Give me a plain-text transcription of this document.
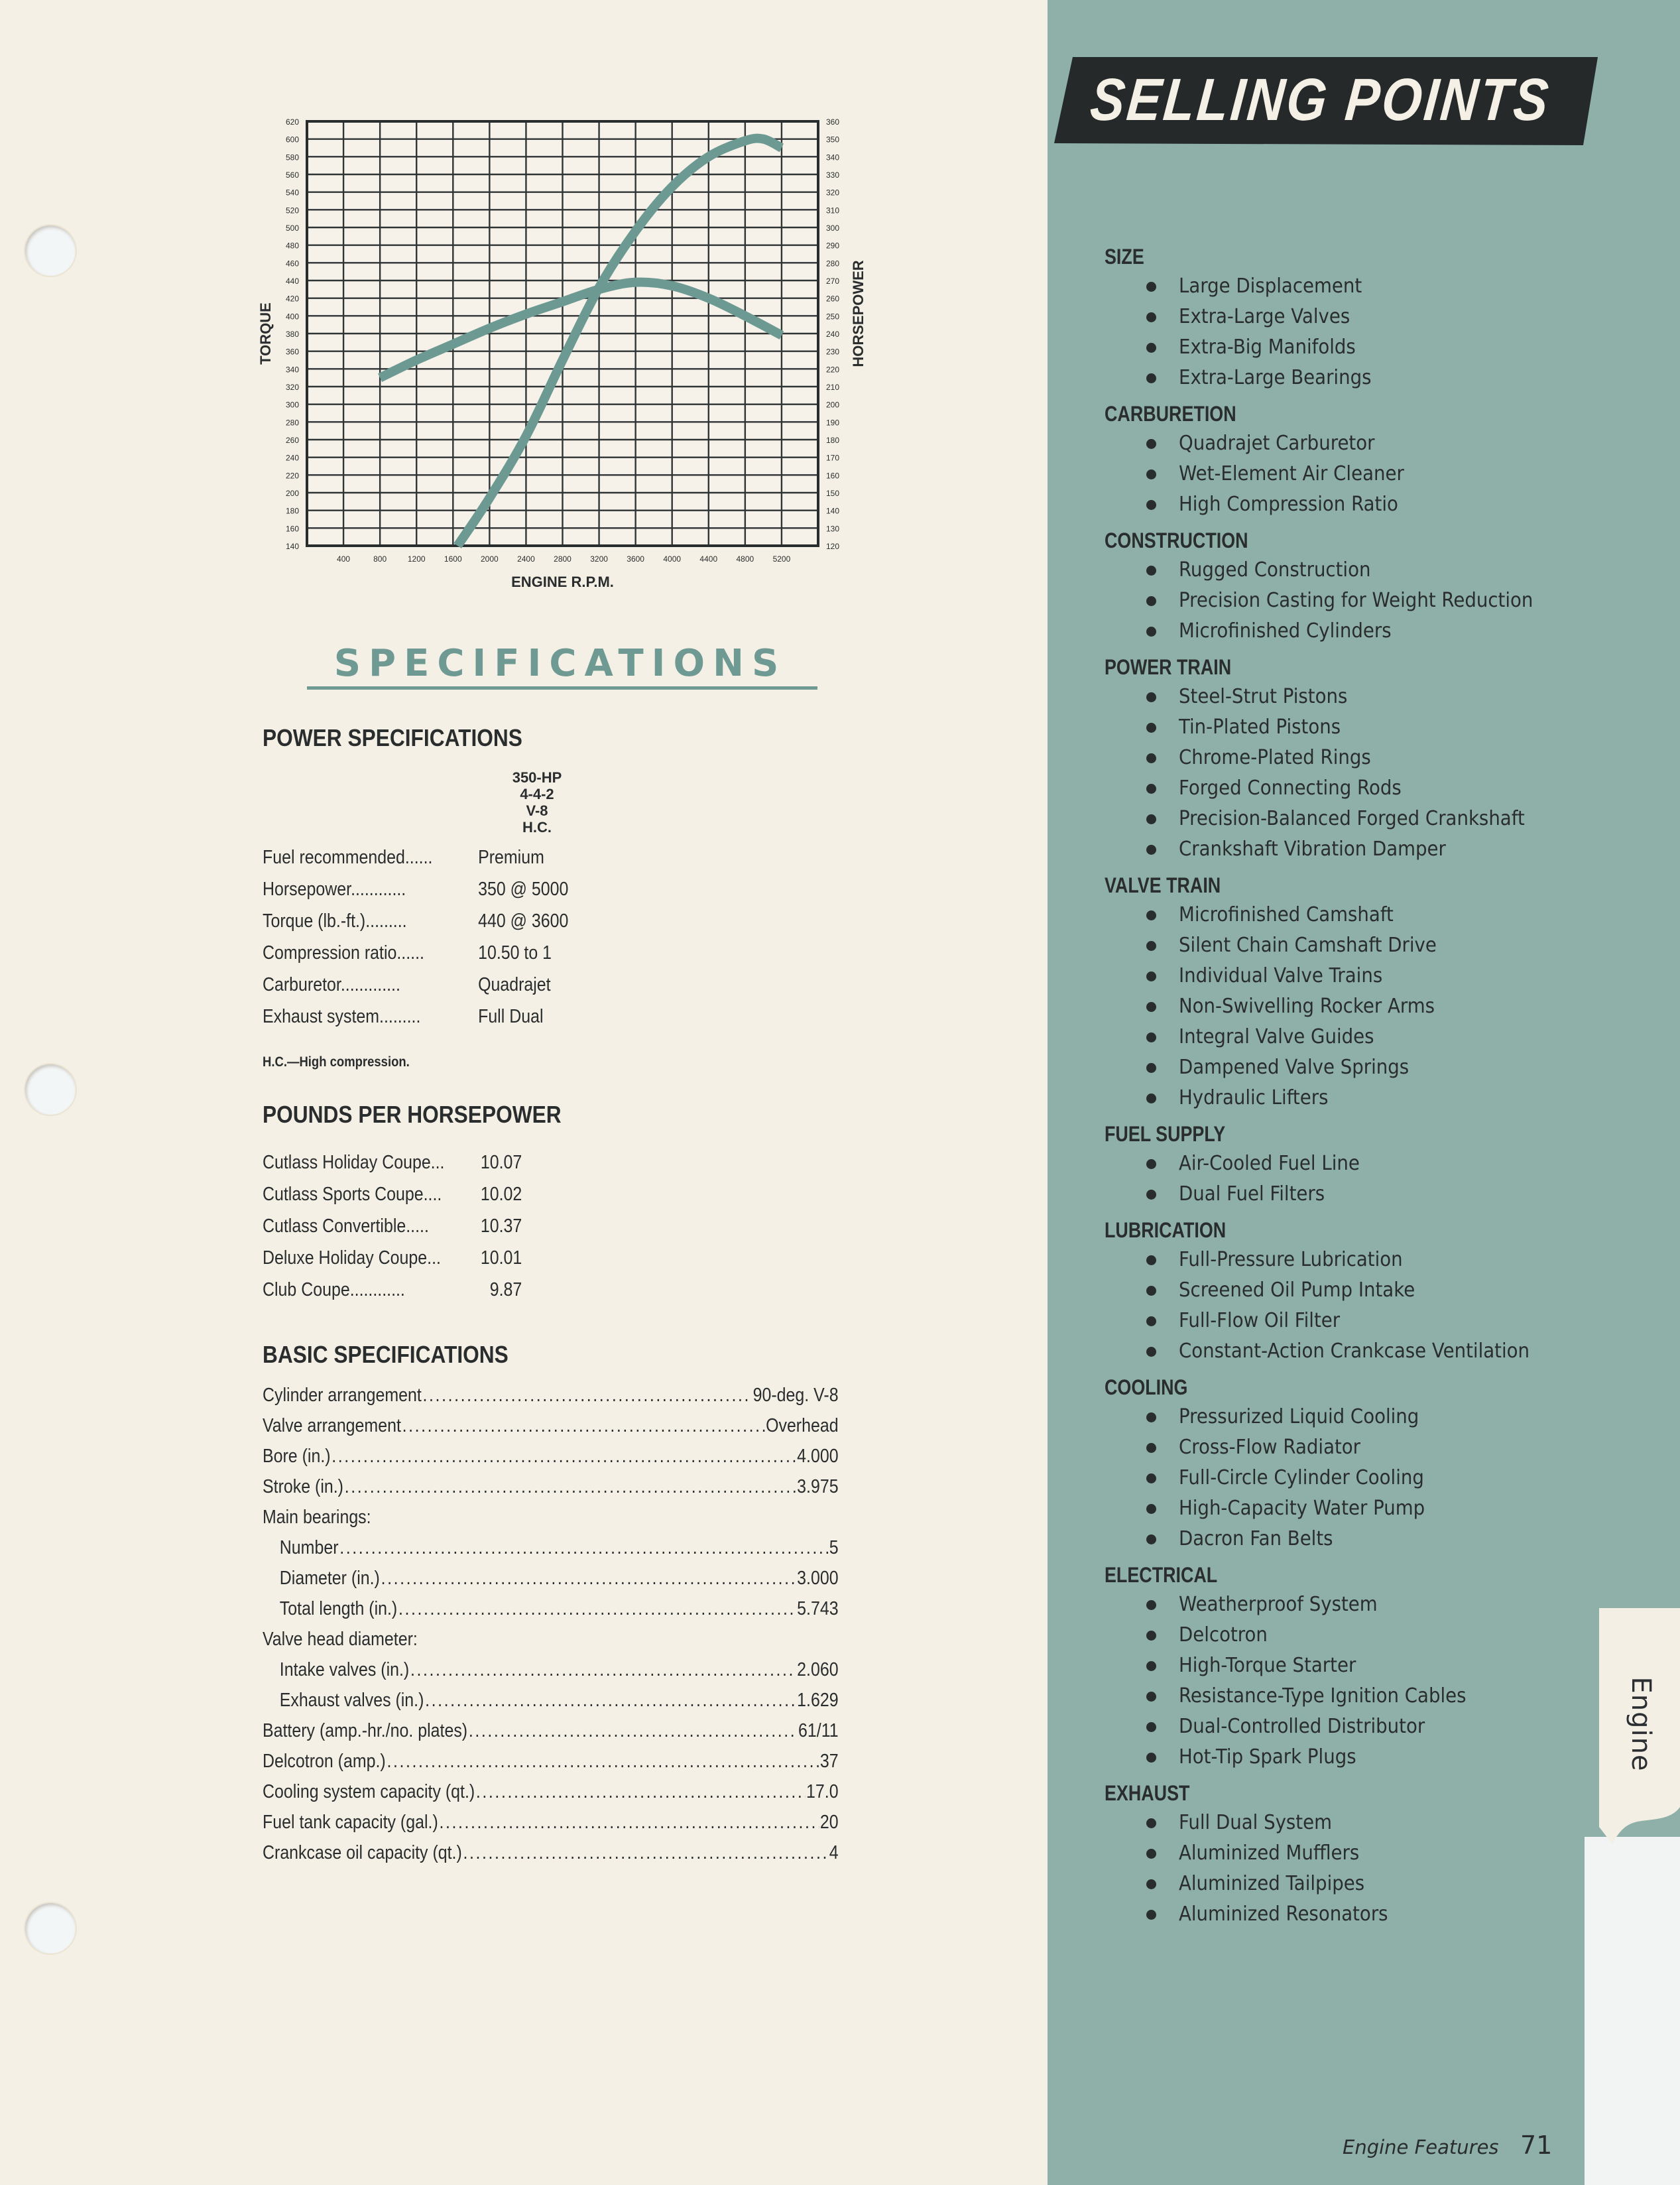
Engine
620
600
580
560
540
520
500
480
460
440
420
400
380
360
340
320
300
280
260
240
220
200
180
160
140
360
350
340
330
320
310
300
290
280
270
260
250
240
230
220
210
200
190
180
170
160
150
140
130
120
400	800	1200 1600 2000 2400 2800 3200 3600 4000 4400 4800 5200
ENGINE R.P.M.
TORQUE	HORSEPOWER
SPECIFICATIONS
POWER SPECIFICATIONS
350-HP
4-4-2
V-8
H.C.
Fuel recommended...... Premium
Horsepower............	350 @ 5000
Torque (lb.-ft.).........	440 @ 3600
Compression ratio......	10.50 to 1
Carburetor.............	Quadrajet
Exhaust system.........	Full Dual
H.C.—High compression.
POUNDS PER HORSEPOWER
Cutlass Holiday Coupe...	10.07
Cutlass Sports Coupe....	10.02
Cutlass Convertible.....	10.37
Deluxe Holiday Coupe...	10.01
Club Coupe............	9.87
BASIC SPECIFICATIONS
Cylinder arrangement .....	90-deg. V-8
Valve arrangement .....	Overhead
Bore (in.) .....	4.000
Stroke (in.) .....	3.975
Main bearings:
Number .....	5
Diameter (in.) .....	3.000
Total length (in.) .....	5.743
Valve head diameter:
Intake valves (in.) .....	2.060
Exhaust valves (in.) .....	1.629
Battery (amp.-hr./no. plates) .....	61/11
Delcotron (amp.) .....	37
Cooling system capacity (qt.) .....	17.0
Fuel tank capacity (gal.) .....	20
Crankcase oil capacity (qt.) .....	4
SELLING POINTS
SIZE
Large Displacement
Extra-Large Valves
Extra-Big Manifolds
Extra-Large Bearings
CARBURETION
Quadrajet Carburetor
Wet-Element Air Cleaner
High Compression Ratio
CONSTRUCTION
Rugged Construction
Precision Casting for Weight Reduction
Microfinished Cylinders
POWER TRAIN
Steel-Strut Pistons
Tin-Plated Pistons
Chrome-Plated Rings
Forged Connecting Rods
Precision-Balanced Forged Crankshaft
Crankshaft Vibration Damper
VALVE TRAIN
Microfinished Camshaft
Silent Chain Camshaft Drive
Individual Valve Trains
Non-Swivelling Rocker Arms
Integral Valve Guides
Dampened Valve Springs
Hydraulic Lifters
FUEL SUPPLY
Air-Cooled Fuel Line
Dual Fuel Filters
LUBRICATION
Full-Pressure Lubrication
Screened Oil Pump Intake
Full-Flow Oil Filter
Constant-Action Crankcase Ventilation
COOLING
Pressurized Liquid Cooling
Cross-Flow Radiator
Full-Circle Cylinder Cooling
High-Capacity Water Pump
Dacron Fan Belts
ELECTRICAL
Weatherproof System
Delcotron
High-Torque Starter
Resistance-Type Ignition Cables
Dual-Controlled Distributor
Hot-Tip Spark Plugs
EXHAUST
Full Dual System
Aluminized Mufflers
Aluminized Tailpipes
Aluminized Resonators
Engine Features 71
